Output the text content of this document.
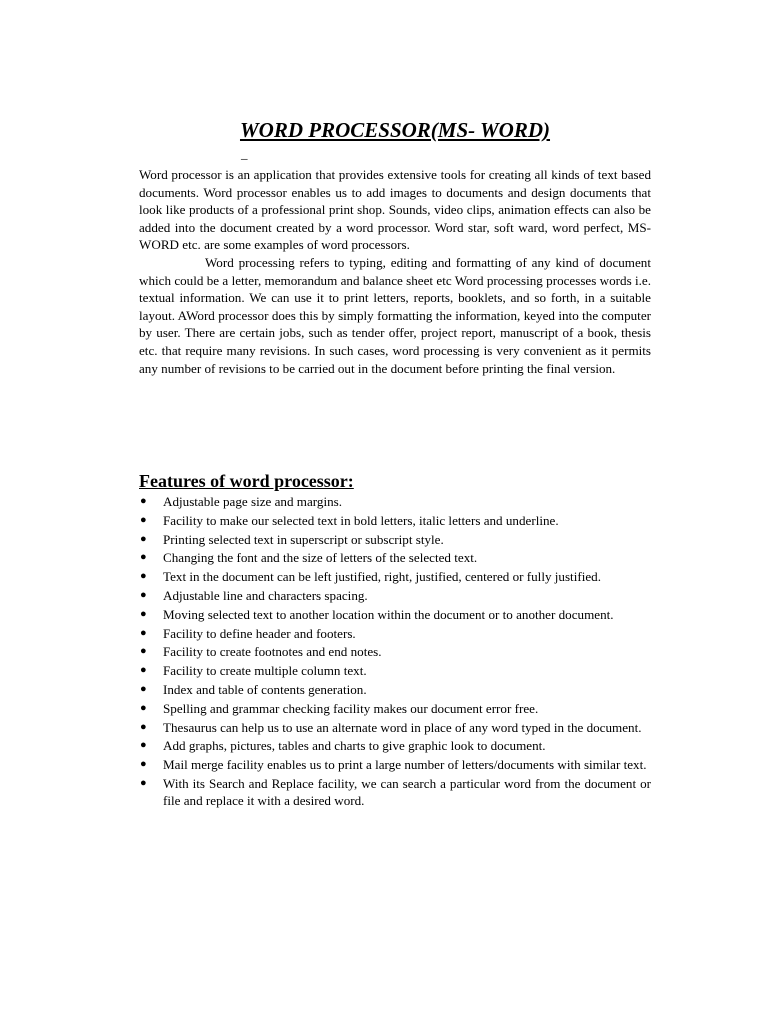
WORD PROCESSOR(MS- WORD)
_

Word processor is an application that provides extensive tools for creating all kinds of text based documents. Word processor enables us to add images to documents and design documents that look like products of a professional print shop. Sounds, video clips, animation effects can also be added into the document created by a word processor. Word star, soft ward, word perfect, MS-WORD etc. are some examples of word processors.

Word processing refers to typing, editing and formatting of any kind of document which could be a letter, memorandum and balance sheet etc Word processing processes words i.e. textual information. We can use it to print letters, reports, booklets, and so forth, in a suitable layout. AWord processor does this by simply formatting the information, keyed into the computer by user. There are certain jobs, such as tender offer, project report, manuscript of a book, thesis etc. that require many revisions. In such cases, word processing is very convenient as it permits any number of revisions to be carried out in the document before printing the final version.

Features of word processor:
● Adjustable page size and margins.
● Facility to make our selected text in bold letters, italic letters and underline.
● Printing selected text in superscript or subscript style.
● Changing the font and the size of letters of the selected text.
● Text in the document can be left justified, right, justified, centered or fully justified.
● Adjustable line and characters spacing.
● Moving selected text to another location within the document or to another document.
● Facility to define header and footers.
● Facility to create footnotes and end notes.
● Facility to create multiple column text.
● Index and table of contents generation.
● Spelling and grammar checking facility makes our document error free.
● Thesaurus can help us to use an alternate word in place of any word typed in the document.
● Add graphs, pictures, tables and charts to give graphic look to document.
● Mail merge facility enables us to print a large number of letters/documents with similar text.
● With its Search and Replace facility, we can search a particular word from the document or file and replace it with a desired word.
